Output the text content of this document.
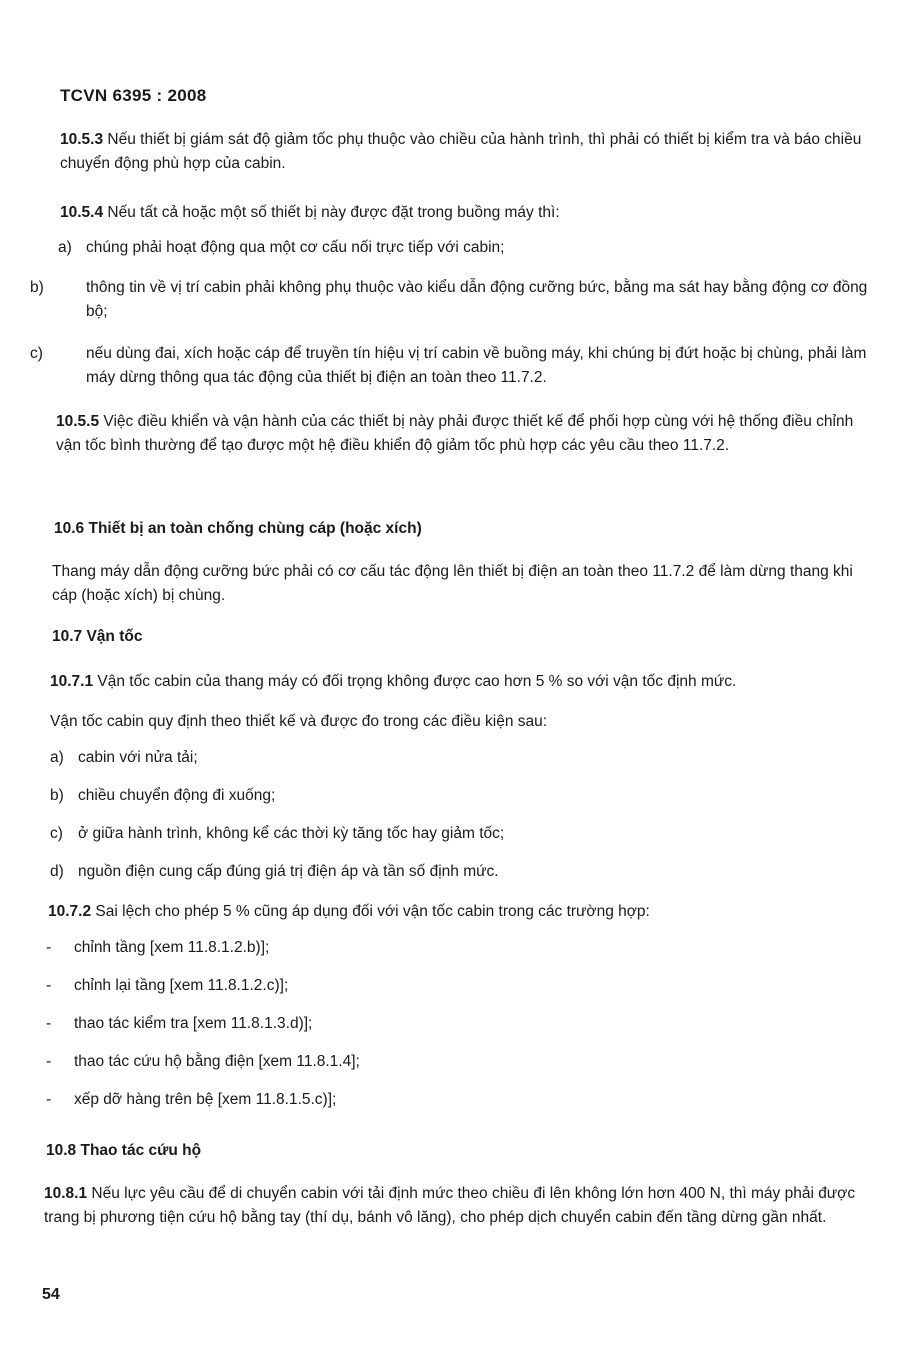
TCVN 6395 : 2008

10.5.3 Nếu thiết bị giám sát độ giảm tốc phụ thuộc vào chiều của hành trình, thì phải có thiết bị kiểm tra và báo chiều chuyển động phù hợp của cabin.

10.5.4 Nếu tất cả hoặc một số thiết bị này được đặt trong buồng máy thì:

a) chúng phải hoạt động qua một cơ cấu nối trực tiếp với cabin;

b)	thông tin về vị trí cabin phải không phụ thuộc vào kiểu dẫn động cưỡng bức, bằng ma sát hay bằng động cơ đồng bộ;

c)	nếu dùng đai, xích hoặc cáp để truyền tín hiệu vị trí cabin về buồng máy, khi chúng bị đứt hoặc bị chùng, phải làm máy dừng thông qua tác động của thiết bị điện an toàn theo 11.7.2.

10.5.5 Việc điều khiển và vận hành của các thiết bị này phải được thiết kế để phối hợp cùng với hệ thống điều chỉnh vận tốc bình thường để tạo được một hệ điều khiển độ giảm tốc phù hợp các yêu cầu theo 11.7.2.

10.6 Thiết bị an toàn chống chùng cáp (hoặc xích)

Thang máy dẫn động cưỡng bức phải có cơ cấu tác động lên thiết bị điện an toàn theo 11.7.2 để làm dừng thang khi cáp (hoặc xích) bị chùng.

10.7 Vận tốc

10.7.1 Vận tốc cabin của thang máy có đối trọng không được cao hơn 5 % so với vận tốc định mức.

Vận tốc cabin quy định theo thiết kế và được đo trong các điều kiện sau:

a) cabin với nửa tải;

b) chiều chuyển động đi xuống;

c) ở giữa hành trình, không kể các thời kỳ tăng tốc hay giảm tốc;

d) nguồn điện cung cấp đúng giá trị điện áp và tần số định mức.

10.7.2 Sai lệch cho phép 5 % cũng áp dụng đối với vận tốc cabin trong các trường hợp:

- chỉnh tầng [xem 11.8.1.2.b)];

- chỉnh lại tầng [xem 11.8.1.2.c)];

- thao tác kiểm tra [xem 11.8.1.3.d)];

- thao tác cứu hộ bằng điện [xem 11.8.1.4];

- xếp dỡ hàng trên bệ [xem 11.8.1.5.c)];

10.8 Thao tác cứu hộ

10.8.1 Nếu lực yêu cầu để di chuyển cabin với tải định mức theo chiều đi lên không lớn hơn 400 N, thì máy phải được trang bị phương tiện cứu hộ bằng tay (thí dụ, bánh vô lăng), cho phép dịch chuyển cabin đến tầng dừng gần nhất.

54
